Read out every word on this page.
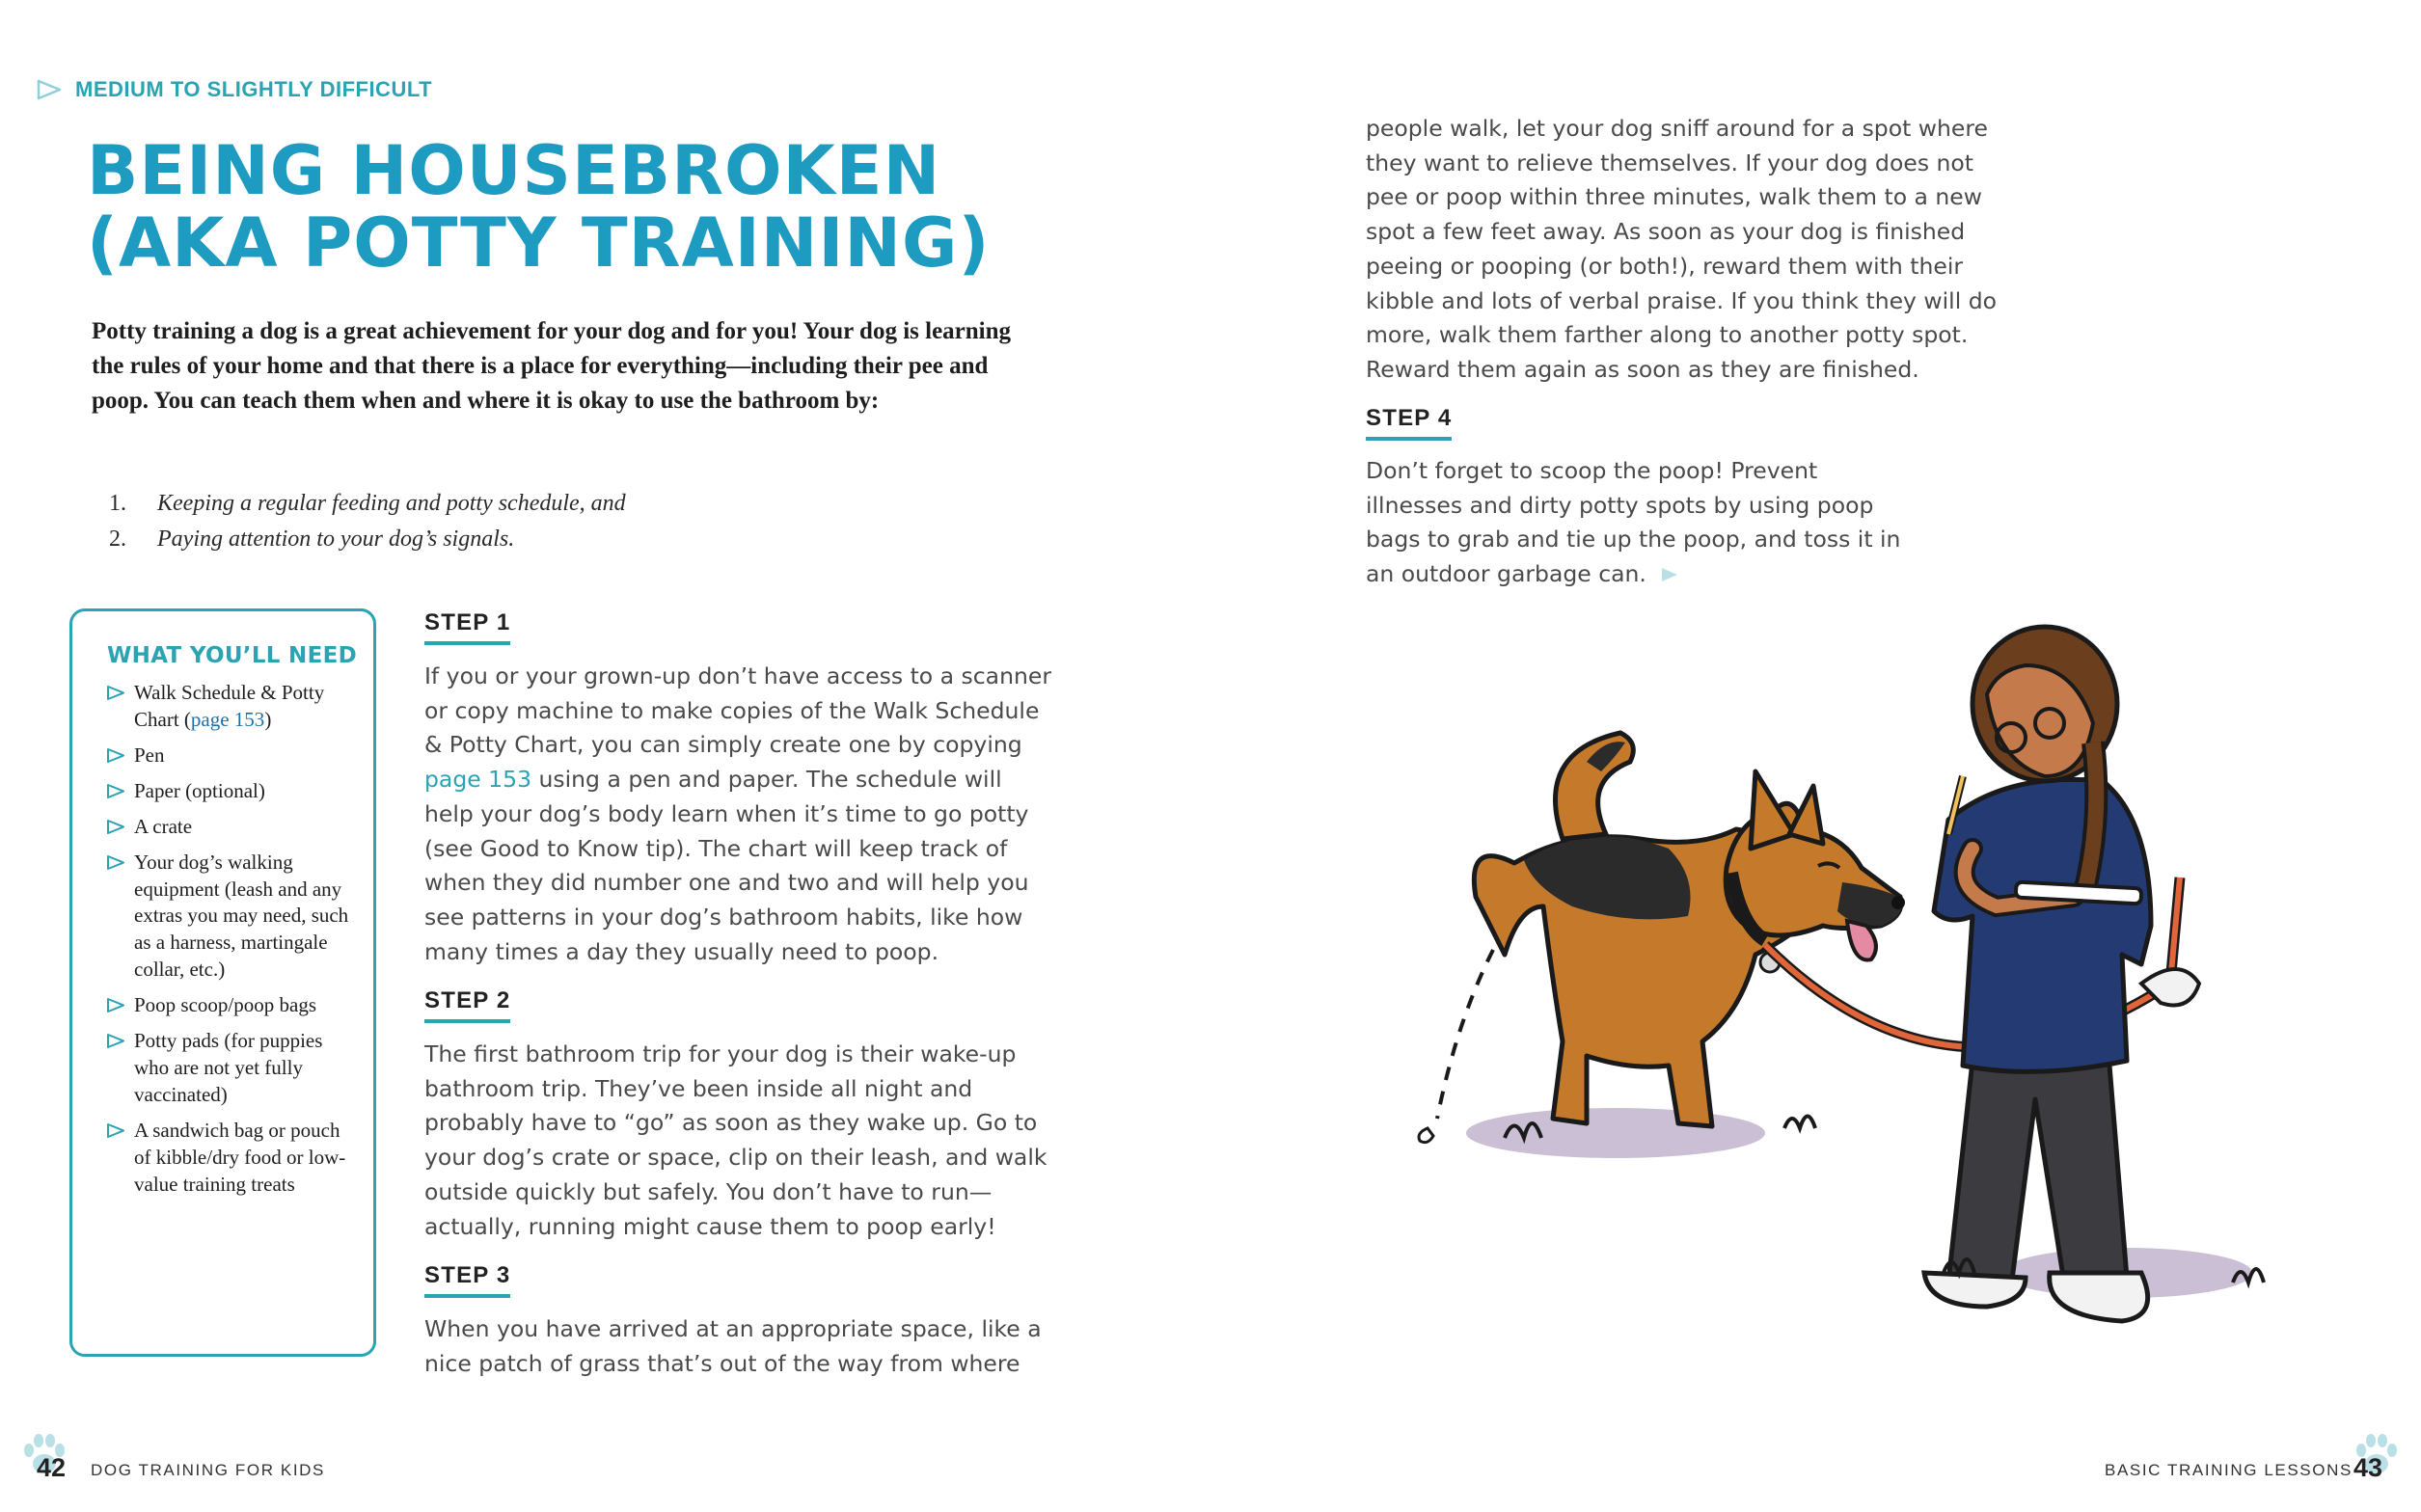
MEDIUM TO SLIGHTLY DIFFICULT
BEING HOUSEBROKEN
(AKA POTTY TRAINING)

Potty training a dog is a great achievement for your dog and for you! Your dog is learning the rules of your home and that there is a place for everything—including their pee and poop. You can teach them when and where it is okay to use the bathroom by:

1. Keeping a regular feeding and potty schedule, and
2. Paying attention to your dog’s signals.
WHAT YOU’LL NEED
Walk Schedule & Potty Chart (page 153)
Pen
Paper (optional)
A crate
Your dog’s walking equipment (leash and any extras you may need, such as a harness, martingale collar, etc.)
Poop scoop/poop bags
Potty pads (for puppies who are not yet fully vaccinated)
A sandwich bag or pouch of kibble/dry food or low-value training treats
STEP 1

If you or your grown-up don’t have access to a scanner or copy machine to make copies of the Walk Schedule & Potty Chart, you can simply create one by copying page 153 using a pen and paper. The schedule will help your dog’s body learn when it’s time to go potty (see Good to Know tip). The chart will keep track of when they did number one and two and will help you see patterns in your dog’s bathroom habits, like how many times a day they usually need to poop.

STEP 2

The first bathroom trip for your dog is their wake-up bathroom trip. They’ve been inside all night and probably have to “go” as soon as they wake up. Go to your dog’s crate or space, clip on their leash, and walk outside quickly but safely. You don’t have to run—actually, running might cause them to poop early!

STEP 3

When you have arrived at an appropriate space, like a nice patch of grass that’s out of the way from where

people walk, let your dog sniff around for a spot where they want to relieve themselves. If your dog does not pee or poop within three minutes, walk them to a new spot a few feet away. As soon as your dog is finished peeing or pooping (or both!), reward them with their kibble and lots of verbal praise. If you think they will do more, walk them farther along to another potty spot. Reward them again as soon as they are finished.

STEP 4

Don’t forget to scoop the poop! Prevent illnesses and dirty potty spots by using poop bags to grab and tie up the poop, and toss it in an outdoor garbage can.

42 DOG TRAINING FOR KIDS	BASIC TRAINING LESSONS 43
